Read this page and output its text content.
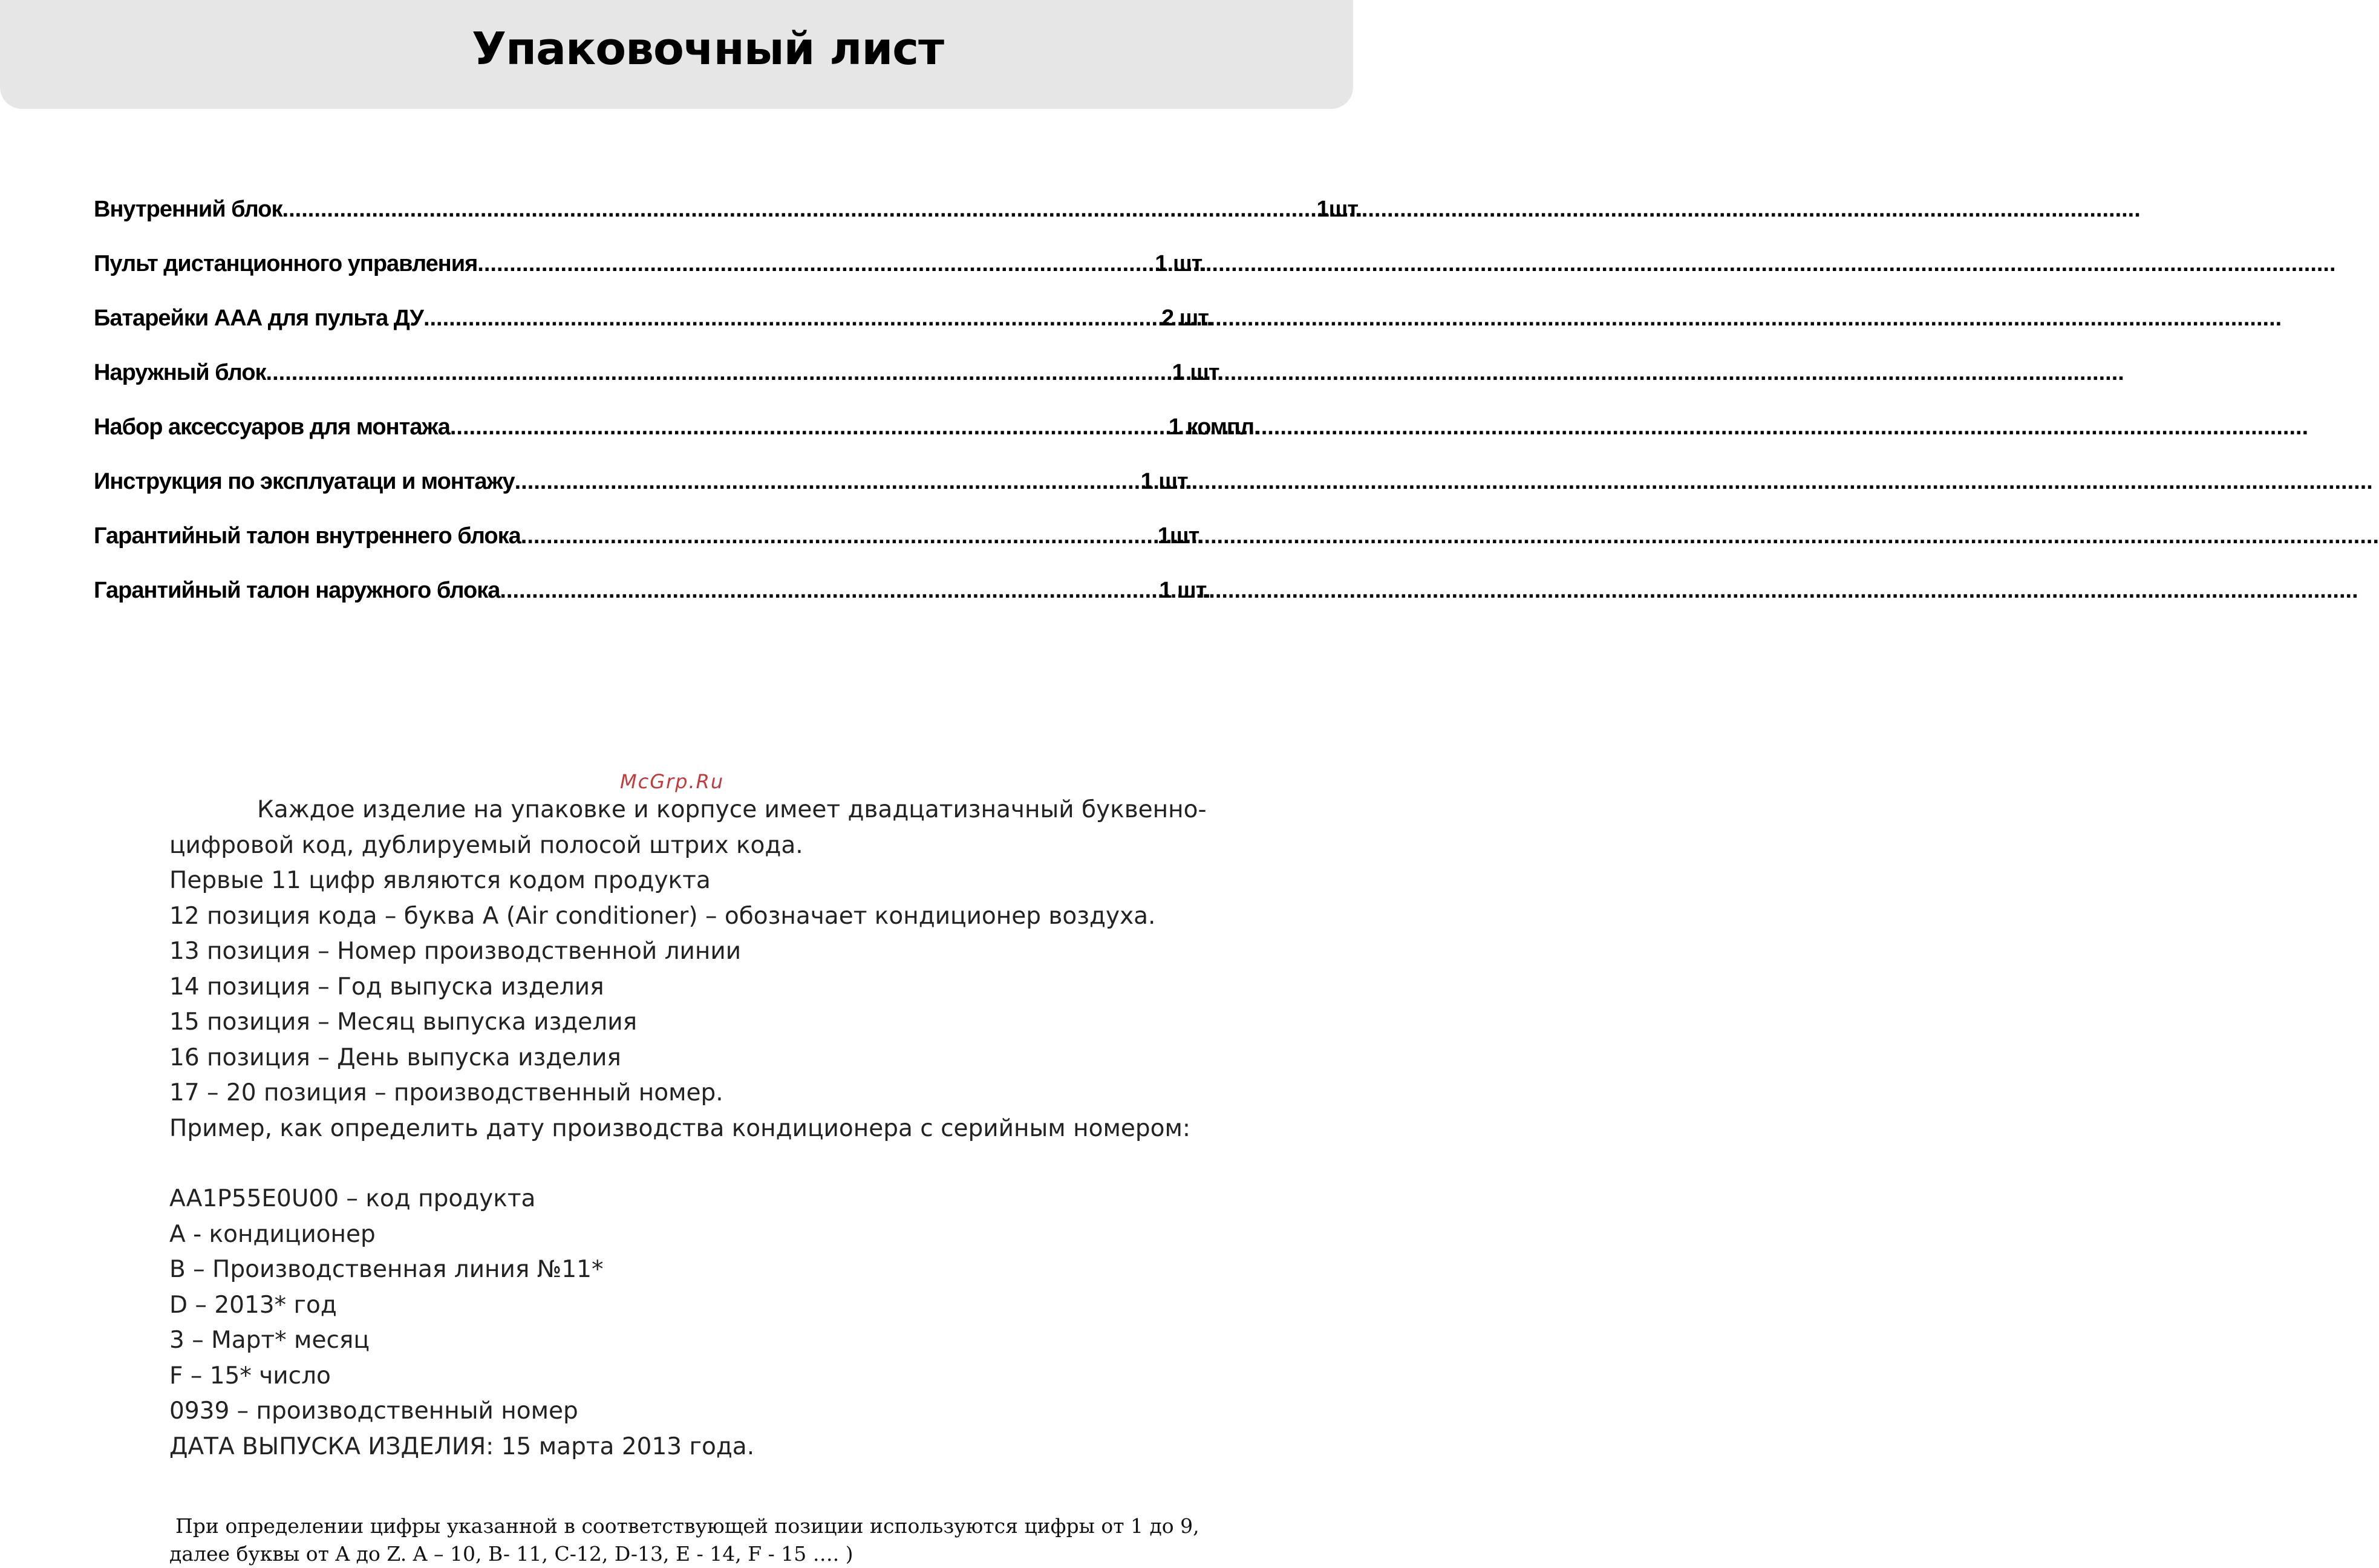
Упаковочный лист
Внутренний блок .....	1шт.
Пульт дистанционного управления .....	1 шт.
Батарейки ААА для пульта ДУ .....	2 шт.
Наружный блок .....	1 шт.
Набор аксессуаров для монтажа .....	1 компл.
Инструкция по эксплуатаци и монтажу .....	1 шт.
Гарантийный талон внутреннего блока .....	1шт.
Гарантийный талон наружного блока .....	1 шт.
McGrp.Ru

Каждое изделие на упаковке и корпусе имеет двадцатизначный буквенно-цифровой код, дублируемый полосой штрих кода.

Первые 11 цифр являются кодом продукта

12 позиция кода – буква А (Air conditioner) – обозначает кондиционер воздуха.

13 позиция – Номер производственной линии

14 позиция – Год выпуска изделия

15 позиция – Месяц выпуска изделия

16 позиция – День выпуска изделия

17 – 20 позиция – производственный номер.

Пример, как определить дату производства кондиционера с серийным номером:

AA1P55E0U00 – код продукта

A - кондиционер

B – Производственная линия №11*

D – 2013* год

3 – Март* месяц

F – 15* число

0939 – производственный номер

ДАТА ВЫПУСКА ИЗДЕЛИЯ: 15 марта 2013 года.

При определении цифры указанной в соответствующей позиции используются цифры от 1 до 9, далее буквы от A до Z. A – 10, B- 11, C-12, D-13, E - 14, F - 15 …. )
